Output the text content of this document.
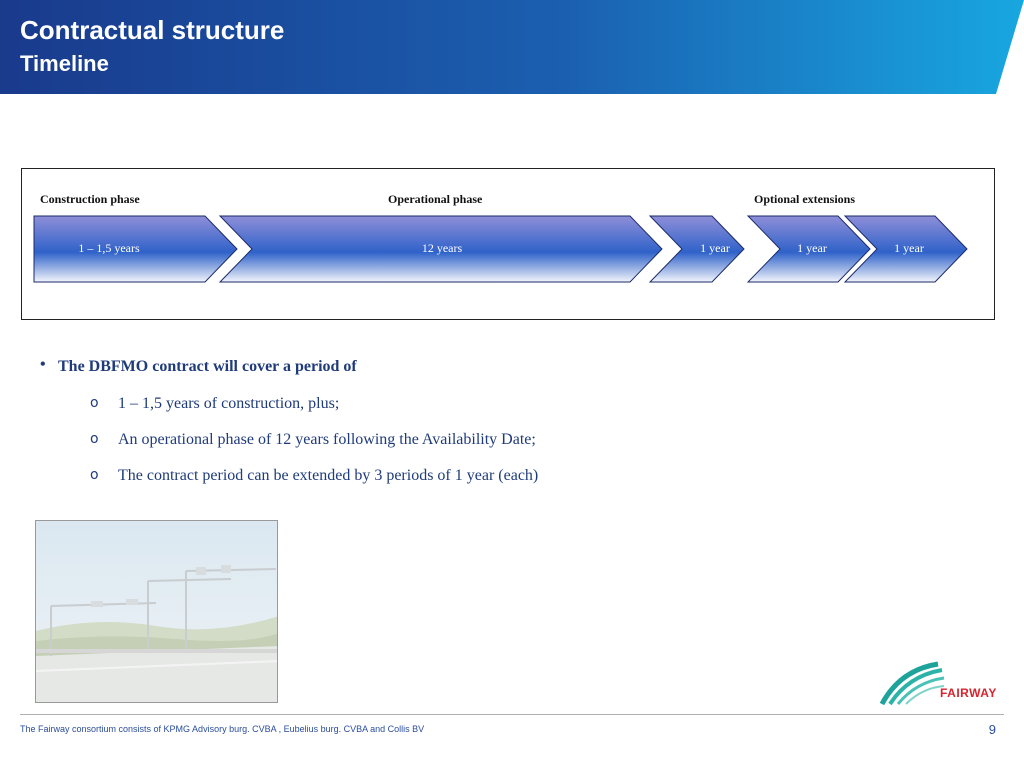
Contractual structure
Timeline
Construction phase	Operational phase	Optional extensions
1 – 1,5 years	12 years	1 year	1 year	1 year
• The DBFMO contract will cover a period of
o 1 – 1,5 years of construction, plus;
o An operational phase of 12 years following the Availability Date;
o The contract period can be extended by 3 periods of 1 year (each)
FAIRWAY
The Fairway consortium consists of KPMG Advisory burg. CVBA , Eubelius burg. CVBA and Collis BV	9
